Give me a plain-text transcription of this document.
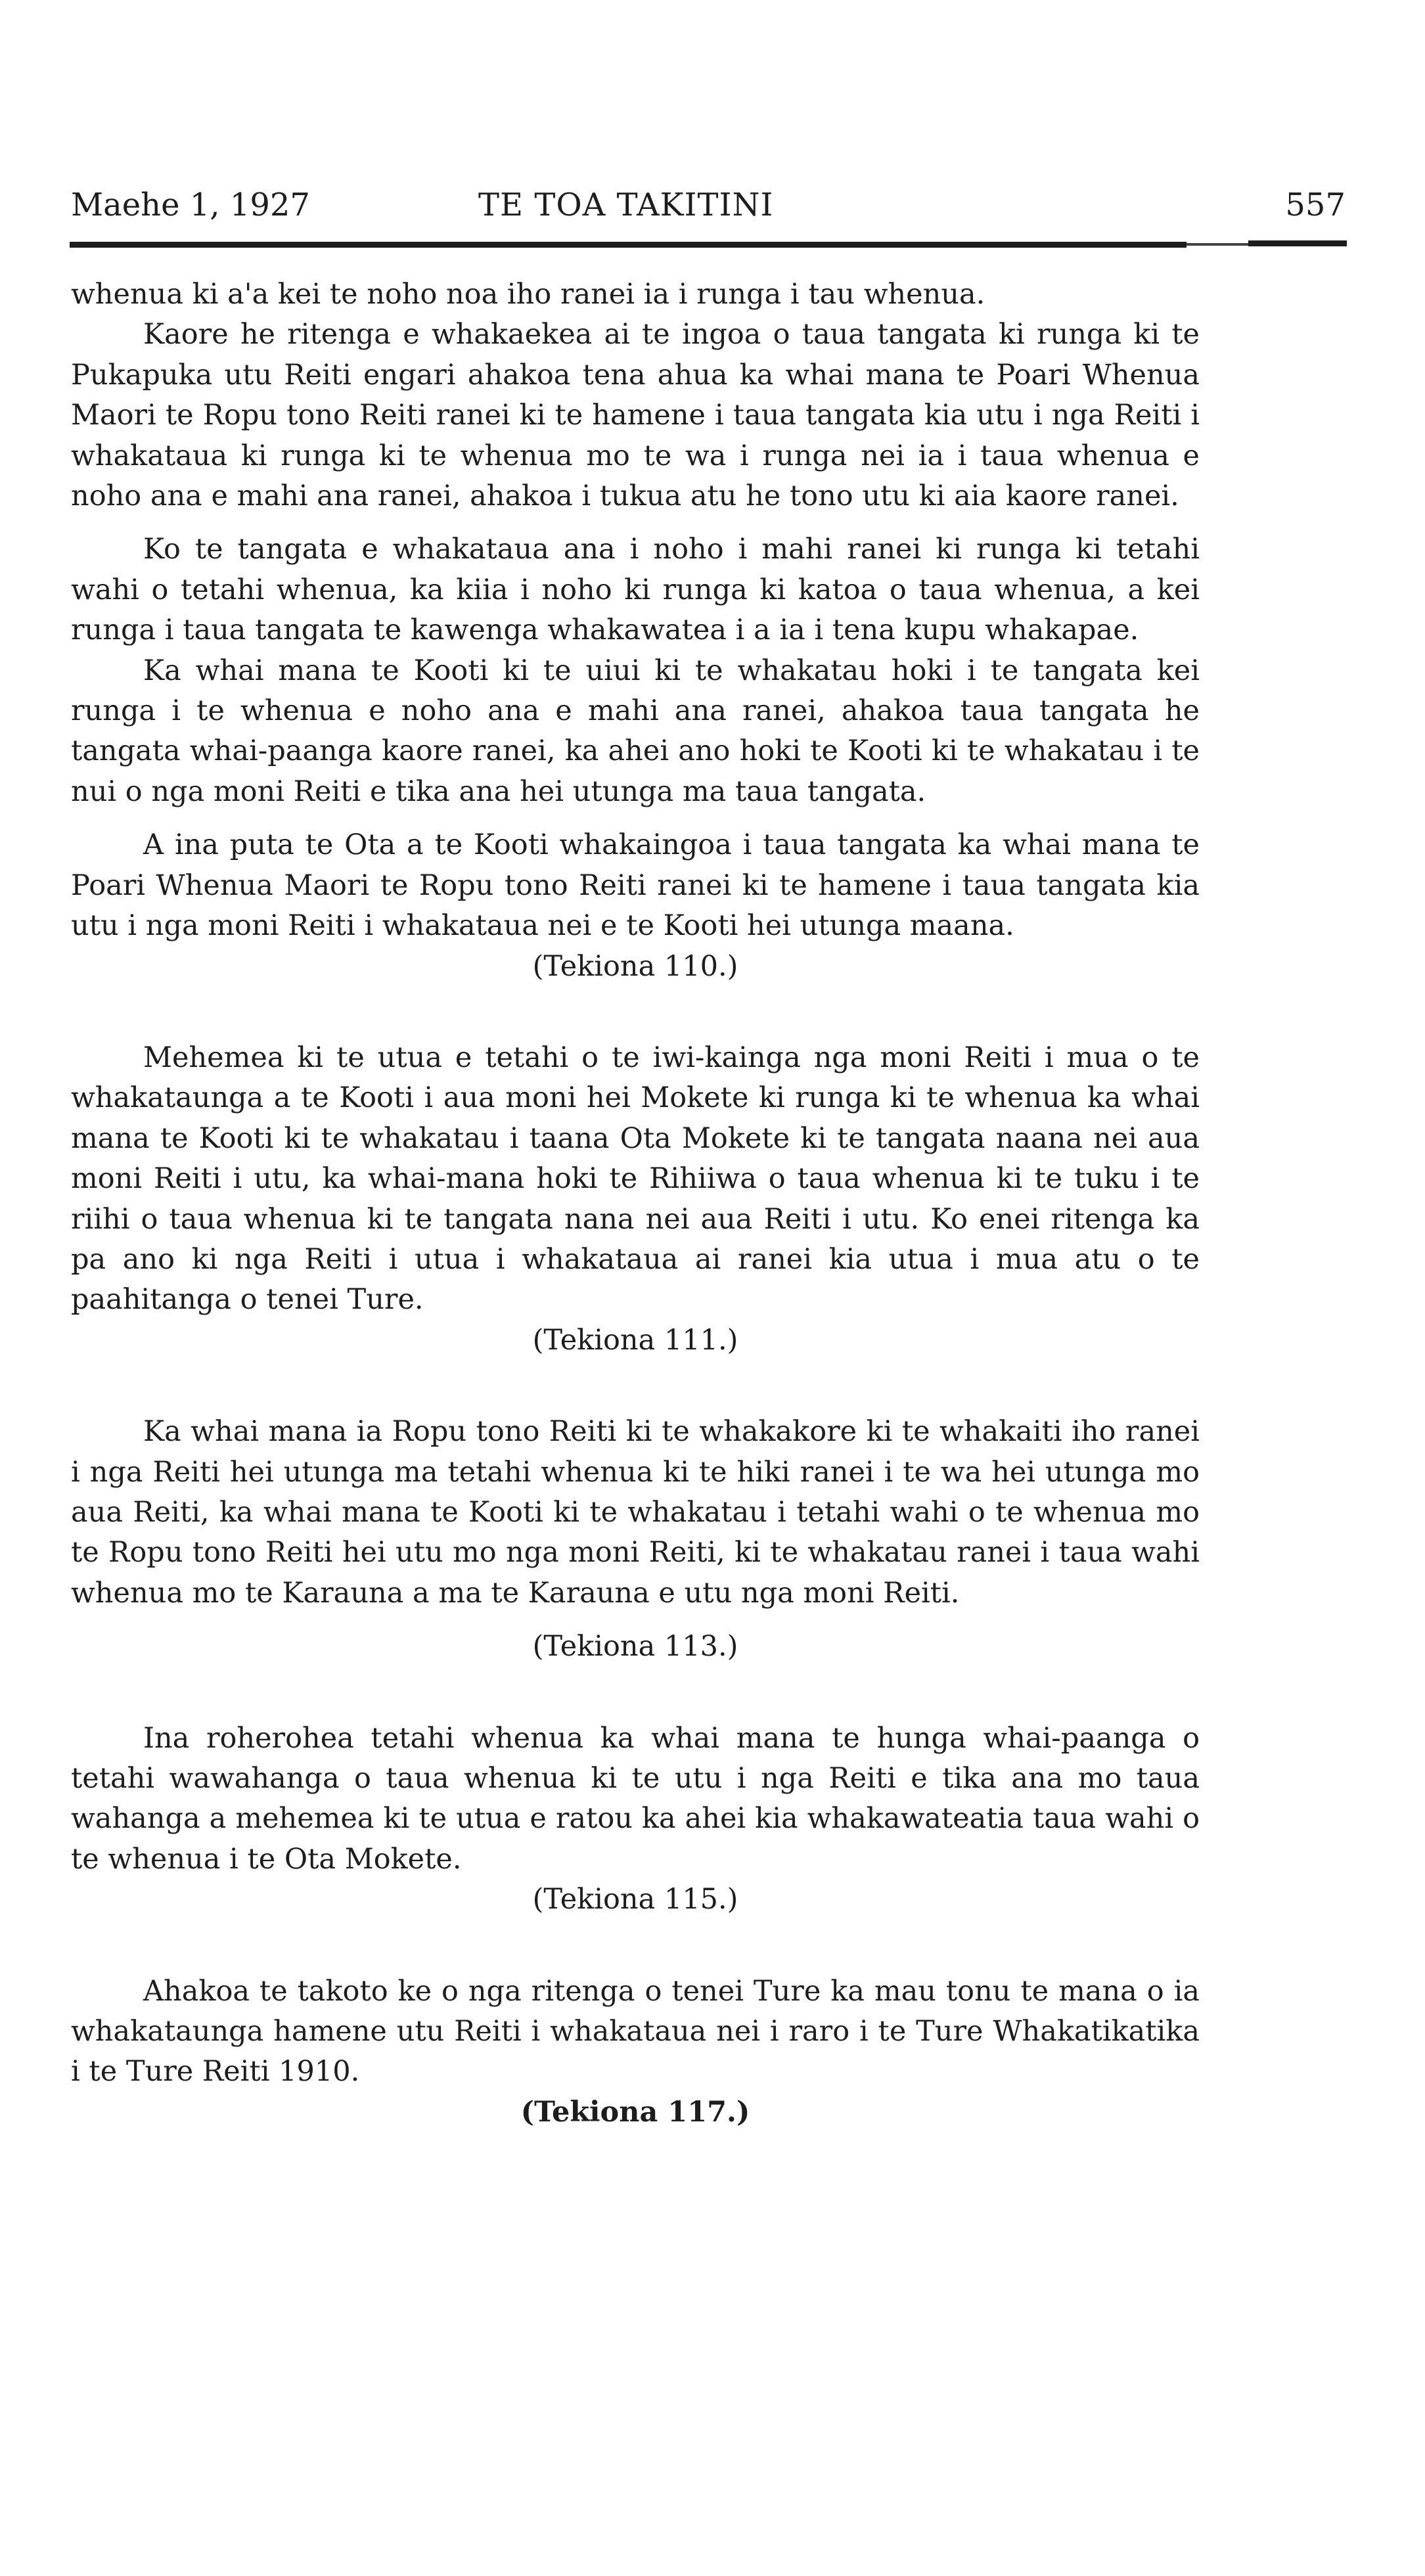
Maehe 1, 1927	TE TOA TAKITINI	557

whenua ki a'a kei te noho noa iho ranei ia i runga i tau whenua.

Kaore he ritenga e whakaekea ai te ingoa o taua tangata ki runga ki te Pukapuka utu Reiti engari ahakoa tena ahua ka whai mana te Poari Whenua Maori te Ropu tono Reiti ranei ki te hamene i taua tangata kia utu i nga Reiti i whakataua ki runga ki te whenua mo te wa i runga nei ia i taua whenua e noho ana e mahi ana ranei, ahakoa i tukua atu he tono utu ki aia kaore ranei.

Ko te tangata e whakataua ana i noho i mahi ranei ki runga ki tetahi wahi o tetahi whenua, ka kiia i noho ki runga ki katoa o taua whenua, a kei runga i taua tangata te kawenga whakawatea i a ia i tena kupu whakapae.

Ka whai mana te Kooti ki te uiui ki te whakatau hoki i te tangata kei runga i te whenua e noho ana e mahi ana ranei, ahakoa taua tangata he tangata whai-paanga kaore ranei, ka ahei ano hoki te Kooti ki te whakatau i te nui o nga moni Reiti e tika ana hei utunga ma taua tangata.

A ina puta te Ota a te Kooti whakaingoa i taua tangata ka whai mana te Poari Whenua Maori te Ropu tono Reiti ranei ki te hamene i taua tangata kia utu i nga moni Reiti i whakataua nei e te Kooti hei utunga maana.

(Tekiona 110.)

Mehemea ki te utua e tetahi o te iwi-kainga nga moni Reiti i mua o te whakataunga a te Kooti i aua moni hei Mokete ki runga ki te whenua ka whai mana te Kooti ki te whakatau i taana Ota Mokete ki te tangata naana nei aua moni Reiti i utu, ka whai-mana hoki te Rihiiwa o taua whenua ki te tuku i te riihi o taua whenua ki te tangata nana nei aua Reiti i utu. Ko enei ritenga ka pa ano ki nga Reiti i utua i whakataua ai ranei kia utua i mua atu o te paahitanga o tenei Ture.

(Tekiona 111.)

Ka whai mana ia Ropu tono Reiti ki te whakakore ki te whakaiti iho ranei i nga Reiti hei utunga ma tetahi whenua ki te hiki ranei i te wa hei utunga mo aua Reiti, ka whai mana te Kooti ki te whakatau i tetahi wahi o te whenua mo te Ropu tono Reiti hei utu mo nga moni Reiti, ki te whakatau ranei i taua wahi whenua mo te Karauna a ma te Karauna e utu nga moni Reiti.

(Tekiona 113.)

Ina roherohea tetahi whenua ka whai mana te hunga whai-paanga o tetahi wawahanga o taua whenua ki te utu i nga Reiti e tika ana mo taua wahanga a mehemea ki te utua e ratou ka ahei kia whakawateatia taua wahi o te whenua i te Ota Mokete.

(Tekiona 115.)

Ahakoa te takoto ke o nga ritenga o tenei Ture ka mau tonu te mana o ia whakataunga hamene utu Reiti i whakataua nei i raro i te Ture Whakatikatika i te Ture Reiti 1910.

(Tekiona 117.)
